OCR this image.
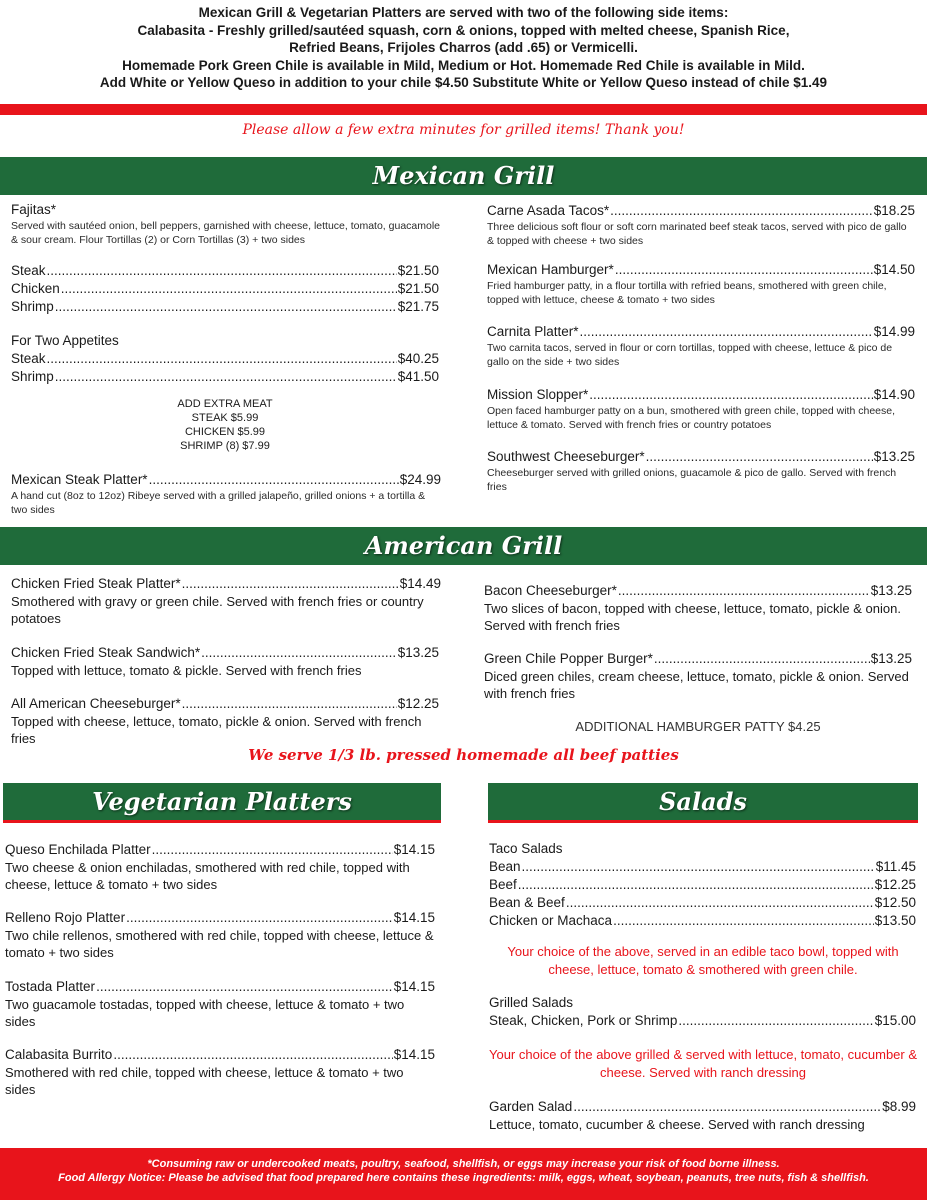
Mexican Grill & Vegetarian Platters are served with two of the following side items:
Calabasita - Freshly grilled/sautéed squash, corn & onions, topped with melted cheese, Spanish Rice,
Refried Beans, Frijoles Charros (add .65) or Vermicelli.
Homemade Pork Green Chile is available in Mild, Medium or Hot. Homemade Red Chile is available in Mild.
Add White or Yellow Queso in addition to your chile $4.50 Substitute White or Yellow Queso instead of chile $1.49
Please allow a few extra minutes for grilled items! Thank you!
Mexican Grill
Fajitas*
Served with sautéed onion, bell peppers, garnished with cheese, lettuce, tomato, guacamole & sour cream. Flour Tortillas (2) or Corn Tortillas (3) + two sides
Steak .....	$21.50
Chicken .....	$21.50
Shrimp .....	$21.75
For Two Appetites
Steak .....	$40.25
Shrimp .....	$41.50
ADD EXTRA MEAT
STEAK $5.99
CHICKEN $5.99
SHRIMP (8) $7.99
Mexican Steak Platter* .....	$24.99
A hand cut (8oz to 12oz) Ribeye served with a grilled jalapeño, grilled onions + a tortilla & two sides
Carne Asada Tacos* .....	$18.25
Three delicious soft flour or soft corn marinated beef steak tacos, served with pico de gallo & topped with cheese + two sides
Mexican Hamburger* .....	$14.50
Fried hamburger patty, in a flour tortilla with refried beans, smothered with green chile, topped with lettuce, cheese & tomato + two sides
Carnita Platter* .....	$14.99
Two carnita tacos, served in flour or corn tortillas, topped with cheese, lettuce & pico de gallo on the side + two sides
Mission Slopper* .....	$14.90
Open faced hamburger patty on a bun, smothered with green chile, topped with cheese, lettuce & tomato. Served with french fries or country potatoes
Southwest Cheeseburger* .....	$13.25
Cheeseburger served with grilled onions, guacamole & pico de gallo. Served with french fries
American Grill
Chicken Fried Steak Platter* .....	$14.49
Smothered with gravy or green chile. Served with french fries or country potatoes
Chicken Fried Steak Sandwich* .....	$13.25
Topped with lettuce, tomato & pickle. Served with french fries
All American Cheeseburger* .....	$12.25
Topped with cheese, lettuce, tomato, pickle & onion. Served with french fries
Bacon Cheeseburger* .....	$13.25
Two slices of bacon, topped with cheese, lettuce, tomato, pickle & onion. Served with french fries
Green Chile Popper Burger* .....	$13.25
Diced green chiles, cream cheese, lettuce, tomato, pickle & onion. Served with french fries
ADDITIONAL HAMBURGER PATTY $4.25
We serve 1/3 lb. pressed homemade all beef patties
Vegetarian Platters
Queso Enchilada Platter .....	$14.15
Two cheese & onion enchiladas, smothered with red chile, topped with cheese, lettuce & tomato + two sides
Relleno Rojo Platter .....	$14.15
Two chile rellenos, smothered with red chile, topped with cheese, lettuce & tomato + two sides
Tostada Platter .....	$14.15
Two guacamole tostadas, topped with cheese, lettuce & tomato + two sides
Calabasita Burrito .....	$14.15
Smothered with red chile, topped with cheese, lettuce & tomato + two sides
Salads
Taco Salads
Bean .....	$11.45
Beef .....	$12.25
Bean & Beef .....	$12.50
Chicken or Machaca .....	$13.50
Your choice of the above, served in an edible taco bowl, topped with cheese, lettuce, tomato & smothered with green chile.
Grilled Salads
Steak, Chicken, Pork or Shrimp .....	$15.00
Your choice of the above grilled & served with lettuce, tomato, cucumber & cheese. Served with ranch dressing
Garden Salad .....	$8.99
Lettuce, tomato, cucumber & cheese. Served with ranch dressing
*Consuming raw or undercooked meats, poultry, seafood, shellfish, or eggs may increase your risk of food borne illness.
Food Allergy Notice: Please be advised that food prepared here contains these ingredients: milk, eggs, wheat, soybean, peanuts, tree nuts, fish & shellfish.
